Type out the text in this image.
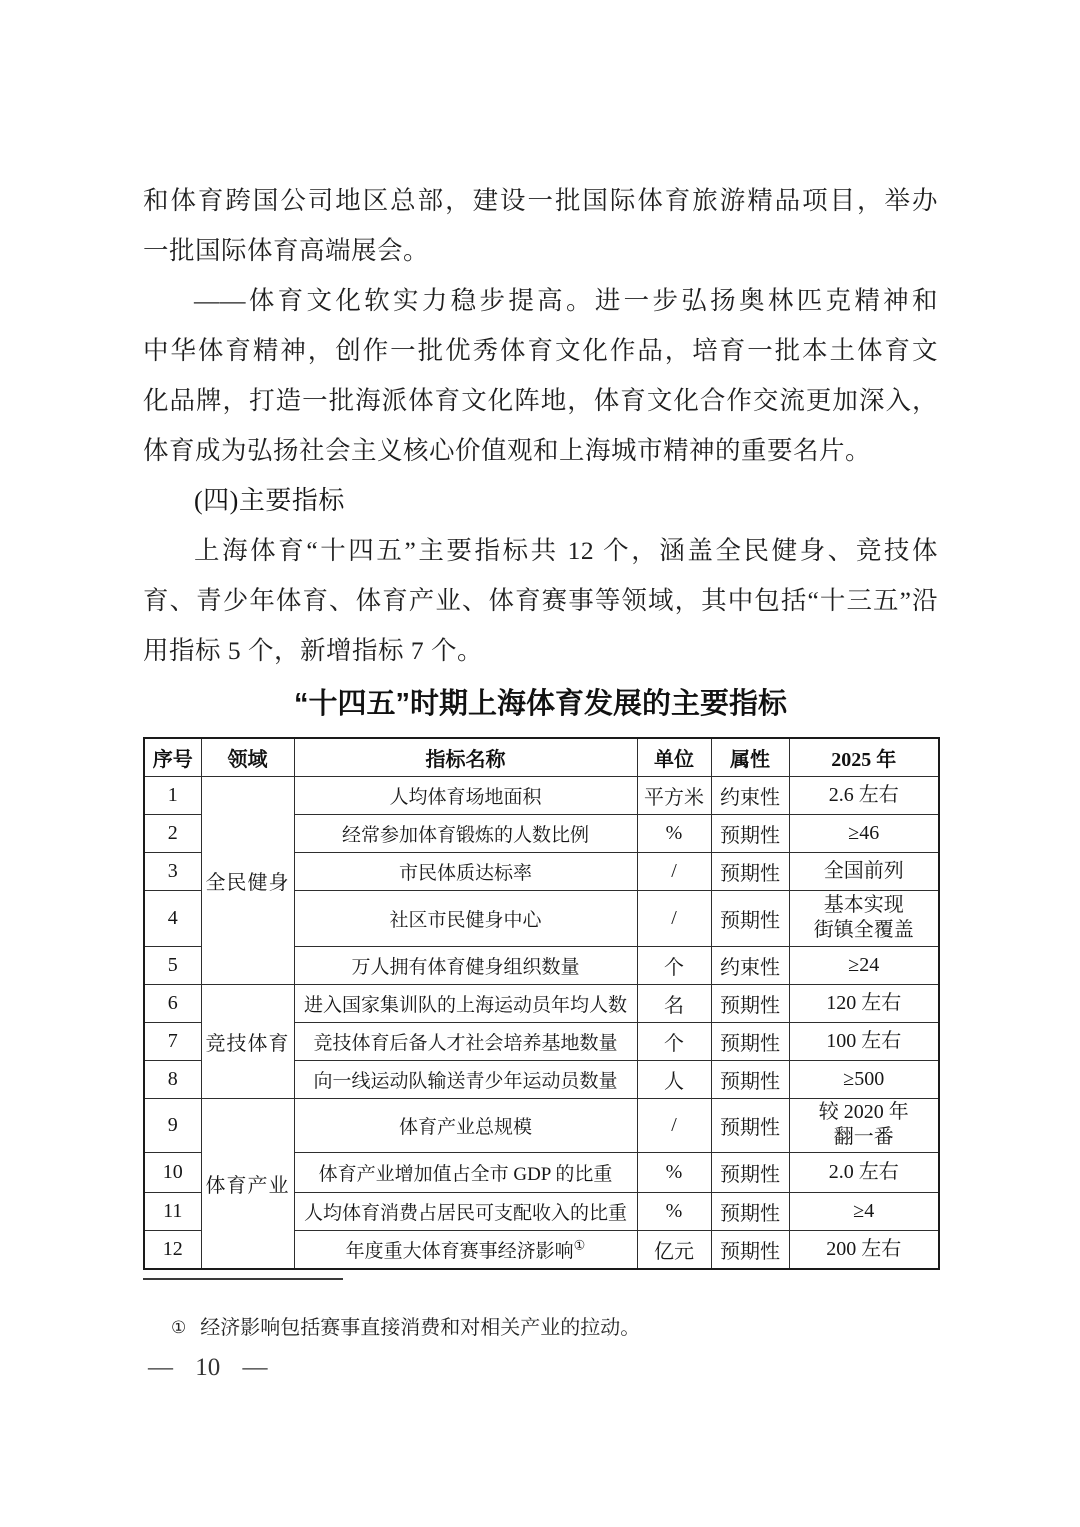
和体育跨国公司地区总部，建设一批国际体育旅游精品项目，举办
一批国际体育高端展会。
——体育文化软实力稳步提高。进一步弘扬奥林匹克精神和
中华体育精神，创作一批优秀体育文化作品，培育一批本土体育文
化品牌，打造一批海派体育文化阵地，体育文化合作交流更加深入，
体育成为弘扬社会主义核心价值观和上海城市精神的重要名片。
(四)主要指标
上海体育“十四五”主要指标共 12 个，涵盖全民健身、竞技体
育、青少年体育、体育产业、体育赛事等领域，其中包括“十三五”沿
用指标 5 个，新增指标 7 个。
“十四五”时期上海体育发展的主要指标
序号	领域	指标名称	单位	属性	2025 年
1	全民健身	人均体育场地面积	平方米	约束性	2.6 左右

2		经常参加体育锻炼的人数比例	%	预期性	≥46

3		市民体质达标率	/	预期性	全国前列

4		社区市民健身中心	/	预期性	基本实现
街镇全覆盖

5		万人拥有体育健身组织数量	个	约束性	≥24

6	竞技体育	进入国家集训队的上海运动员年均人数	名	预期性	120 左右

7		竞技体育后备人才社会培养基地数量	个	预期性	100 左右

8		向一线运动队输送青少年运动员数量	人	预期性	≥500

9	体育产业	体育产业总规模	/	预期性	较 2020 年
翻一番

10		体育产业增加值占全市 GDP 的比重	%	预期性	2.0 左右

11		人均体育消费占居民可支配收入的比重	%	预期性	≥4

12		年度重大体育赛事经济影响①	亿元	预期性	200 左右
① 经济影响包括赛事直接消费和对相关产业的拉动。
— 10 —
